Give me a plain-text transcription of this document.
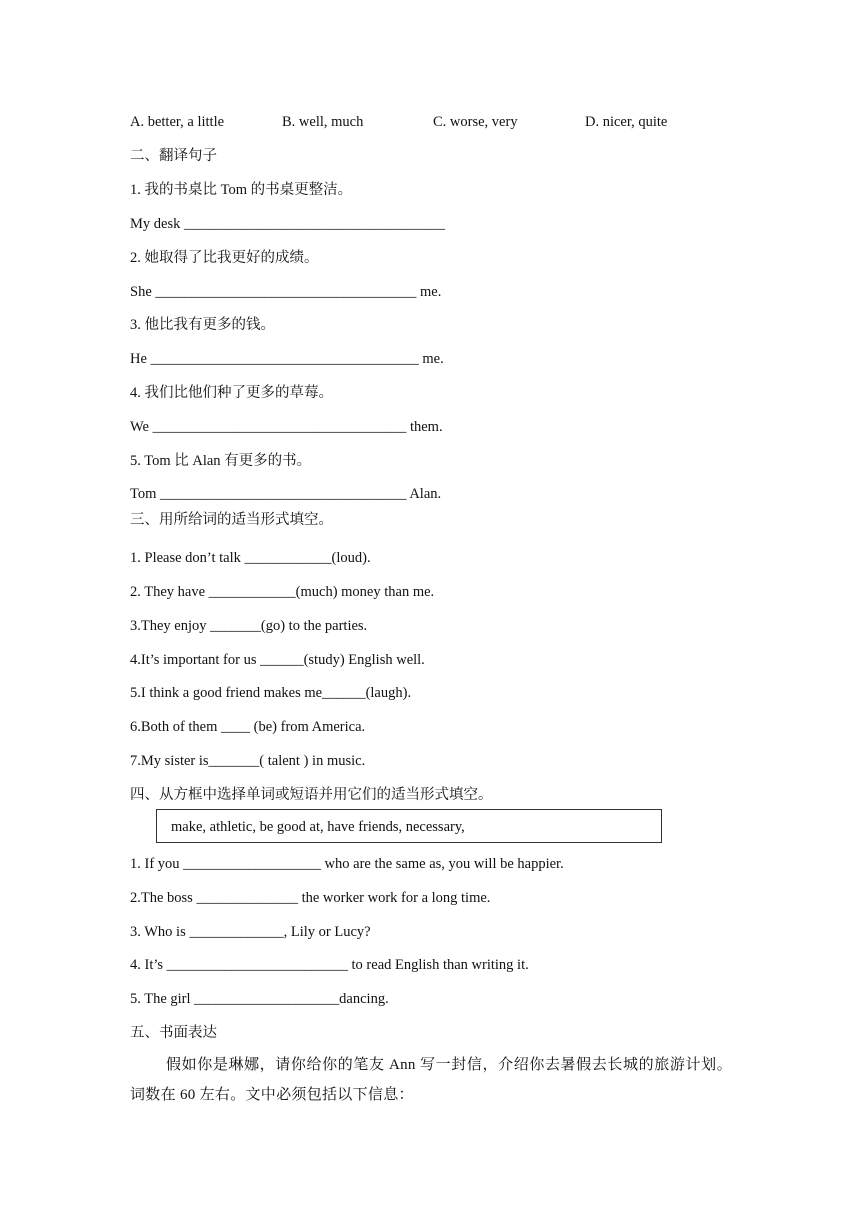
A. better, a little	B. well, much	C. worse, very	D. nicer, quite
二、翻译句子
1. 我的书桌比 Tom 的书桌更整洁。
My desk ____________________________________
2. 她取得了比我更好的成绩。
She ____________________________________ me.
3. 他比我有更多的钱。
He _____________________________________ me.
4. 我们比他们种了更多的草莓。
We ___________________________________ them.
5. Tom 比 Alan 有更多的书。
Tom __________________________________ Alan.
三、用所给词的适当形式填空。
1. Please don’t talk ____________(loud).
2. They have ____________(much) money than me.
3.They enjoy _______(go) to the parties.
4.It’s important for us ______(study) English well.
5.I think a good friend makes me______(laugh).
6.Both of them ____ (be) from America.
7.My sister is_______( talent ) in music.
四、从方框中选择单词或短语并用它们的适当形式填空。
make, athletic, be good at, have friends, necessary,
1. If you ___________________ who are the same as, you will be happier.
2.The boss ______________ the worker work for a long time.
3. Who is _____________, Lily or Lucy?
4. It’s _________________________ to read English than writing it.
5. The girl ____________________dancing.
五、书面表达
假如你是琳娜，请你给你的笔友 Ann 写一封信，介绍你去暑假去长城的旅游计划。词数在 60 左右。文中必须包括以下信息：
